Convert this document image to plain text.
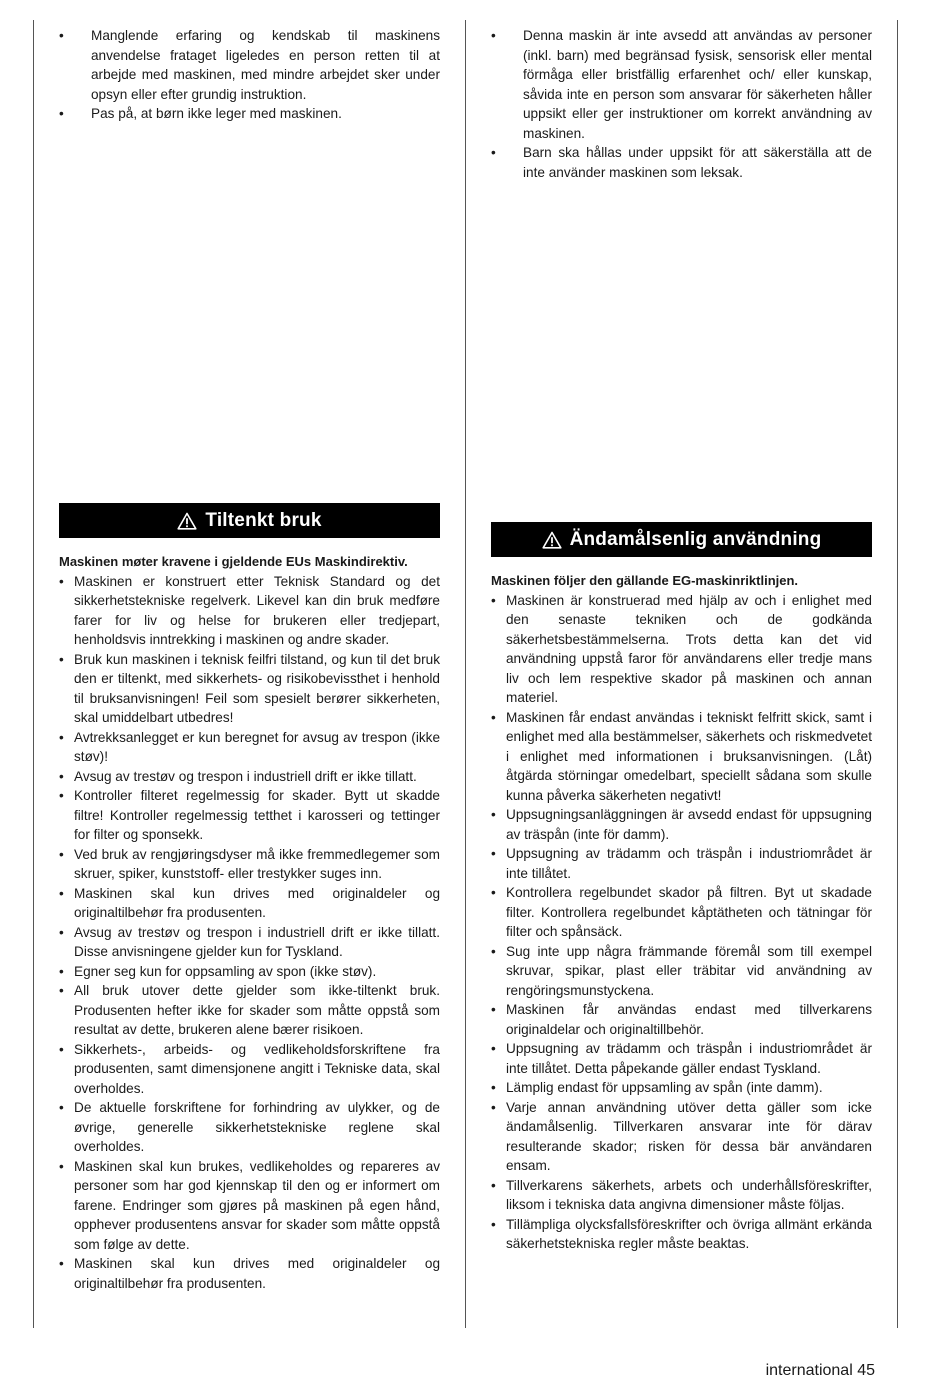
• Manglende erfaring og kendskab til maskinens anvendelse frataget ligeledes en person retten til at arbejde med maskinen, med mindre arbejdet sker under opsyn eller efter grundig instruktion.
• Pas på, at børn ikke leger med maskinen.
• Denna maskin är inte avsedd att användas av personer (inkl. barn) med begränsad fysisk, sensorisk eller mental förmåga eller bristfällig erfarenhet och/ eller kunskap, såvida inte en person som ansvarar för säkerheten håller uppsikt eller ger instruktioner om korrekt användning av maskinen.
• Barn ska hållas under uppsikt för att säkerställa att de inte använder maskinen som leksak.
Tiltenkt bruk

Maskinen møter kravene i gjeldende EUs Maskindirektiv.

• Maskinen er konstruert etter Teknisk Standard og det sikkerhetstekniske regelverk. Likevel kan din bruk medføre farer for liv og helse for brukeren eller tredjepart, henholdsvis inntrekking i maskinen og andre skader.
• Bruk kun maskinen i teknisk feilfri tilstand, og kun til det bruk den er tiltenkt, med sikkerhets- og risikobevissthet i henhold til bruksanvisningen! Feil som spesielt berører sikkerheten, skal umiddelbart utbedres!
• Avtrekksanlegget er kun beregnet for avsug av trespon (ikke støv)!
• Avsug av trestøv og trespon i industriell drift er ikke tillatt.
• Kontroller filteret regelmessig for skader. Bytt ut skadde filtre! Kontroller regelmessig tetthet i karosseri og tettinger for filter og sponsekk.
• Ved bruk av rengjøringsdyser må ikke fremmedlegemer som skruer, spiker, kunststoff- eller trestykker suges inn.
• Maskinen skal kun drives med originaldeler og originaltilbehør fra produsenten.
• Avsug av trestøv og trespon i industriell drift er ikke tillatt. Disse anvisningene gjelder kun for Tyskland.
• Egner seg kun for oppsamling av spon (ikke støv).
• All bruk utover dette gjelder som ikke-tiltenkt bruk. Produsenten hefter ikke for skader som måtte oppstå som resultat av dette, brukeren alene bærer risikoen.
• Sikkerhets-, arbeids- og vedlikeholdsforskriftene fra produsenten, samt dimensjonene angitt i Tekniske data, skal overholdes.
• De aktuelle forskriftene for forhindring av ulykker, og de øvrige, generelle sikkerhetstekniske reglene skal overholdes.
• Maskinen skal kun brukes, vedlikeholdes og repareres av personer som har god kjennskap til den og er informert om farene. Endringer som gjøres på maskinen på egen hånd, opphever produsentens ansvar for skader som måtte oppstå som følge av dette.
• Maskinen skal kun drives med originaldeler og originaltilbehør fra produsenten.
Ändamålsenlig användning

Maskinen följer den gällande EG-maskinriktlinjen.

• Maskinen är konstruerad med hjälp av och i enlighet med den senaste tekniken och de godkända säkerhetsbestämmelserna. Trots detta kan det vid användning uppstå faror för användarens eller tredje mans liv och lem respektive skador på maskinen och annan materiel.
• Maskinen får endast användas i tekniskt felfritt skick, samt i enlighet med alla bestämmelser, säkerhets och riskmedvetet i enlighet med informationen i bruksanvisningen. (Låt) åtgärda störningar omedelbart, speciellt sådana som skulle kunna påverka säkerheten negativt!
• Uppsugningsanläggningen är avsedd endast för uppsugning av träspån (inte för damm).
• Uppsugning av trädamm och träspån i industriområdet är inte tillåtet.
• Kontrollera regelbundet skador på filtren. Byt ut skadade filter. Kontrollera regelbundet kåptätheten och tätningar för filter och spånsäck.
• Sug inte upp några främmande föremål som till exempel skruvar, spikar, plast eller träbitar vid användning av rengöringsmunstyckena.
• Maskinen får användas endast med tillverkarens originaldelar och originaltillbehör.
• Uppsugning av trädamm och träspån i industriområdet är inte tillåtet. Detta påpekande gäller endast Tyskland.
• Lämplig endast för uppsamling av spån (inte damm).
• Varje annan användning utöver detta gäller som icke ändamålsenlig. Tillverkaren ansvarar inte för därav resulterande skador; risken för dessa bär användaren ensam.
• Tillverkarens säkerhets, arbets och underhållsföreskrifter, liksom i tekniska data angivna dimensioner måste följas.
• Tillämpliga olycksfallsföreskrifter och övriga allmänt erkända säkerhetstekniska regler måste beaktas.
international 45
